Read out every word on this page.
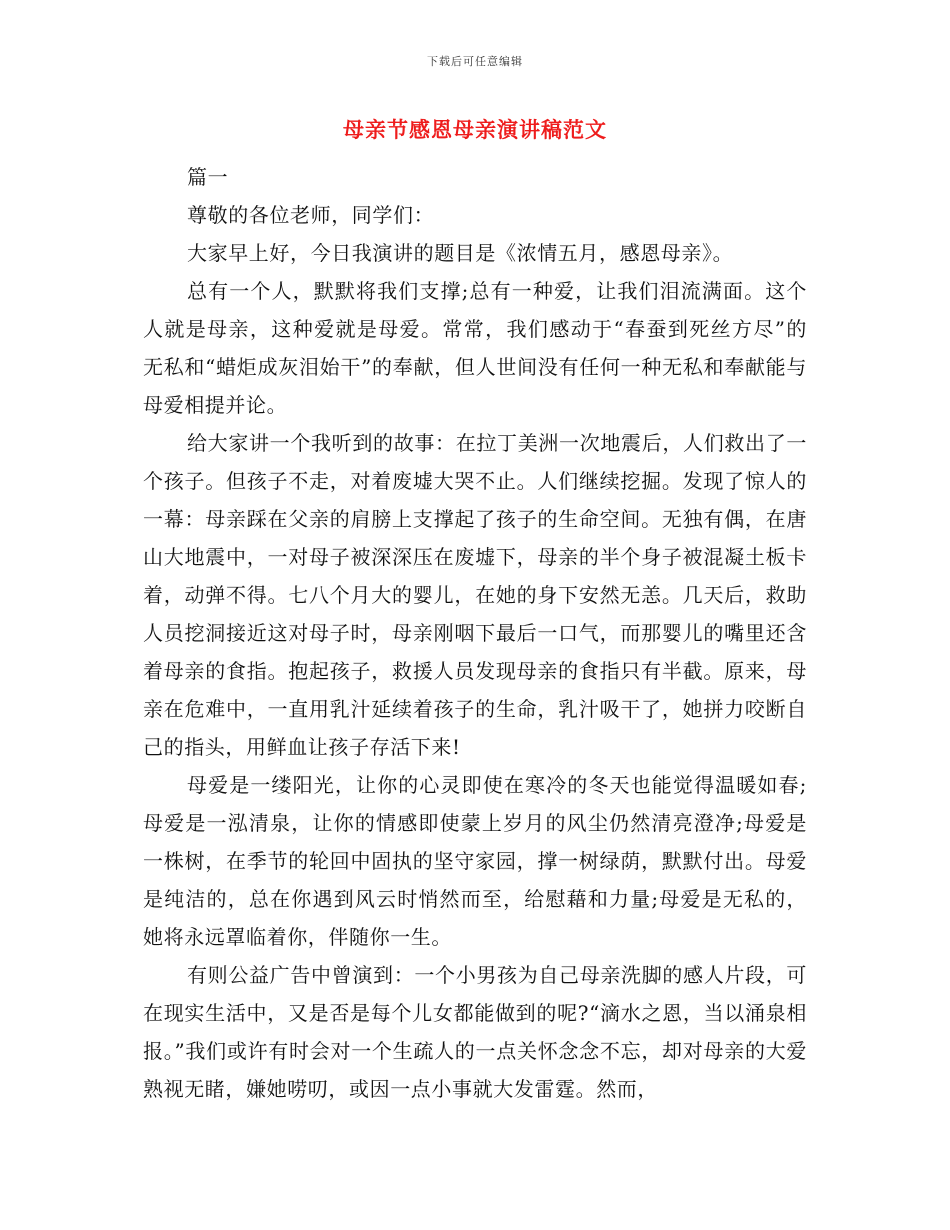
下载后可任意编辑
母亲节感恩母亲演讲稿范文

篇一

尊敬的各位老师，同学们：

大家早上好，今日我演讲的题目是《浓情五月，感恩母亲》。

总有一个人，默默将我们支撑;总有一种爱，让我们泪流满面。这个人就是母亲，这种爱就是母爱。常常，我们感动于“春蚕到死丝方尽”的 无私和“蜡炬成灰泪始干”的奉献，但人世间没有任何一种无私和奉献能与母爱相提并论。

给大家讲一个我听到的故事：在拉丁美洲一次地震后，人们救出了一个孩子。但孩子不走，对着废墟大哭不止。人们继续挖掘。发现了惊人的一幕：母亲踩在父亲的肩膀上支撑起了孩子的生命空间。无独有偶，在唐山大地震中，一对母子被深深压在废墟下，母亲的半个身子被混凝土板卡着，动弹不得。七八个月大的婴儿，在她的身下安然无恙。几天后，救助人员挖洞接近这对母子时，母亲刚咽下最后一口气，而那婴儿的嘴里还含着母亲的食指。抱起孩子，救援人员发现母亲的食指只有半截。原来，母亲在危难中，一直用乳汁延续着孩子的生命，乳汁吸干了，她拼力咬断自己的指头，用鲜血让孩子存活下来!

母爱是一缕阳光，让你的心灵即使在寒冷的冬天也能觉得温暖如春;母爱是一泓清泉，让你的情感即使蒙上岁月的风尘仍然清亮澄净;母爱是一株树，在季节的轮回中固执的坚守家园，撑一树绿荫，默默付出。母爱是纯洁的，总在你遇到风云时悄然而至，给慰藉和力量;母爱是无私的，她将永远罩临着你，伴随你一生。

有则公益广告中曾演到：一个小男孩为自己母亲洗脚的感人片段，可在现实生活中，又是否是每个儿女都能做到的呢?“滴水之恩，当以涌泉相报。”我们或许有时会对一个生疏人的一点关怀念念不忘，却对母亲的大爱熟视无睹，嫌她唠叨，或因一点小事就大发雷霆。然而，
